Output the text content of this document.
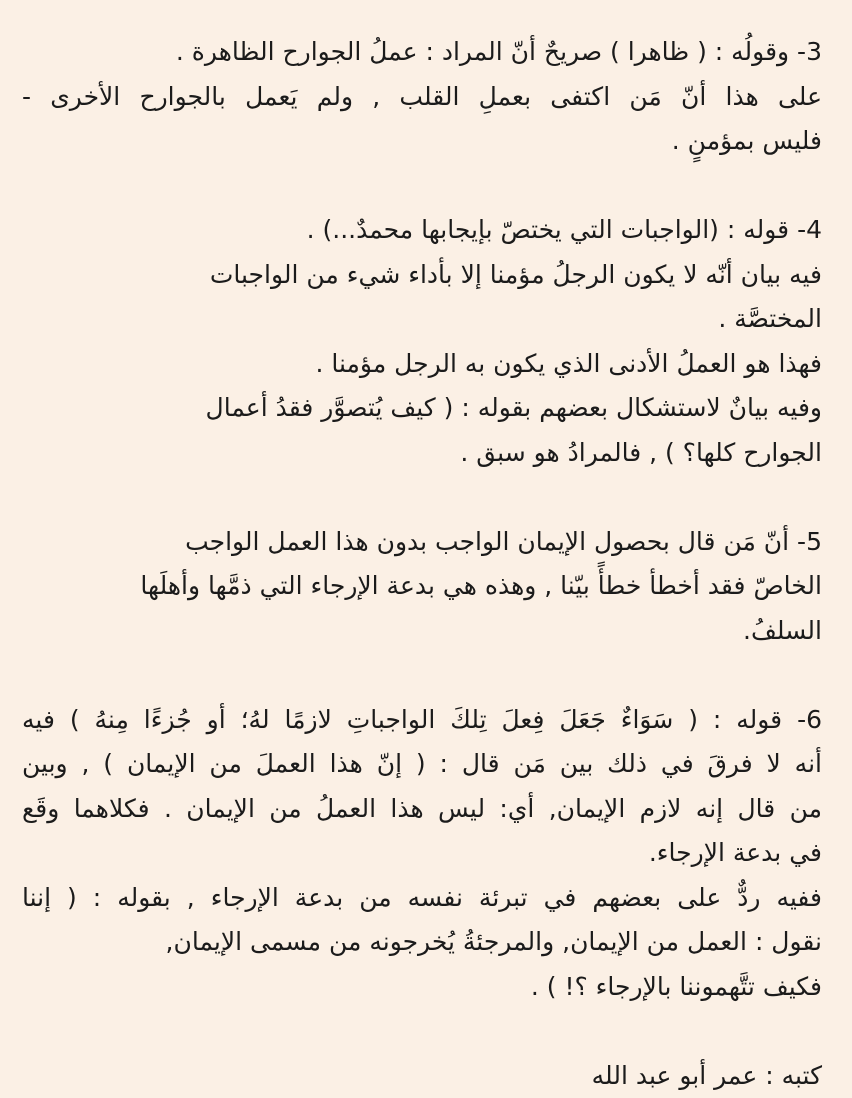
3- وقولُه : ( ظاهرا ) صريحٌ أنّ المراد : عملُ الجوارح الظاهرة .
على هذا أنّ مَن اكتفى بعملِ القلب , ولم يَعمل بالجوارح الأخرى -
فليس بمؤمنٍ .
4- قوله : (الواجبات التي يختصّ بإيجابها محمدٌ...) .
فيه بيان أنّه لا يكون الرجلُ مؤمنا إلا بأداء شيء من الواجبات
المختصَّة .
فهذا هو العملُ الأدنى الذي يكون به الرجل مؤمنا .
وفيه بيانٌ لاستشكال بعضهم بقوله : ( كيف يُتصوَّر فقدُ أعمال
الجوارح كلها؟ ) , فالمرادُ هو سبق .
5- أنّ مَن قال بحصول الإيمان الواجب بدون هذا العمل الواجب
الخاصّ فقد أخطأ خطأً بيّنا , وهذه هي بدعة الإرجاء التي ذمَّها وأهلَها
السلفُ.
6- قوله : ( سَوَاءٌ جَعَلَ فِعلَ تِلكَ الواجباتِ لازمًا لهُ؛ أو جُزءًا مِنهُ ) فيه
أنه لا فرقَ في ذلك بين مَن قال : ( إنّ هذا العملَ من الإيمان ) , وبين
من قال إنه لازم الإيمان, أي: ليس هذا العملُ من الإيمان . فكلاهما وقَع
في بدعة الإرجاء.
ففيه ردٌّ على بعضهم في تبرئة نفسه من بدعة الإرجاء , بقوله : ( إننا
نقول : العمل من الإيمان, والمرجئةُ يُخرجونه من مسمى الإيمان,
فكيف تتَّهموننا بالإرجاء ؟! ) .
كتبه : عمر أبو عبد الله
